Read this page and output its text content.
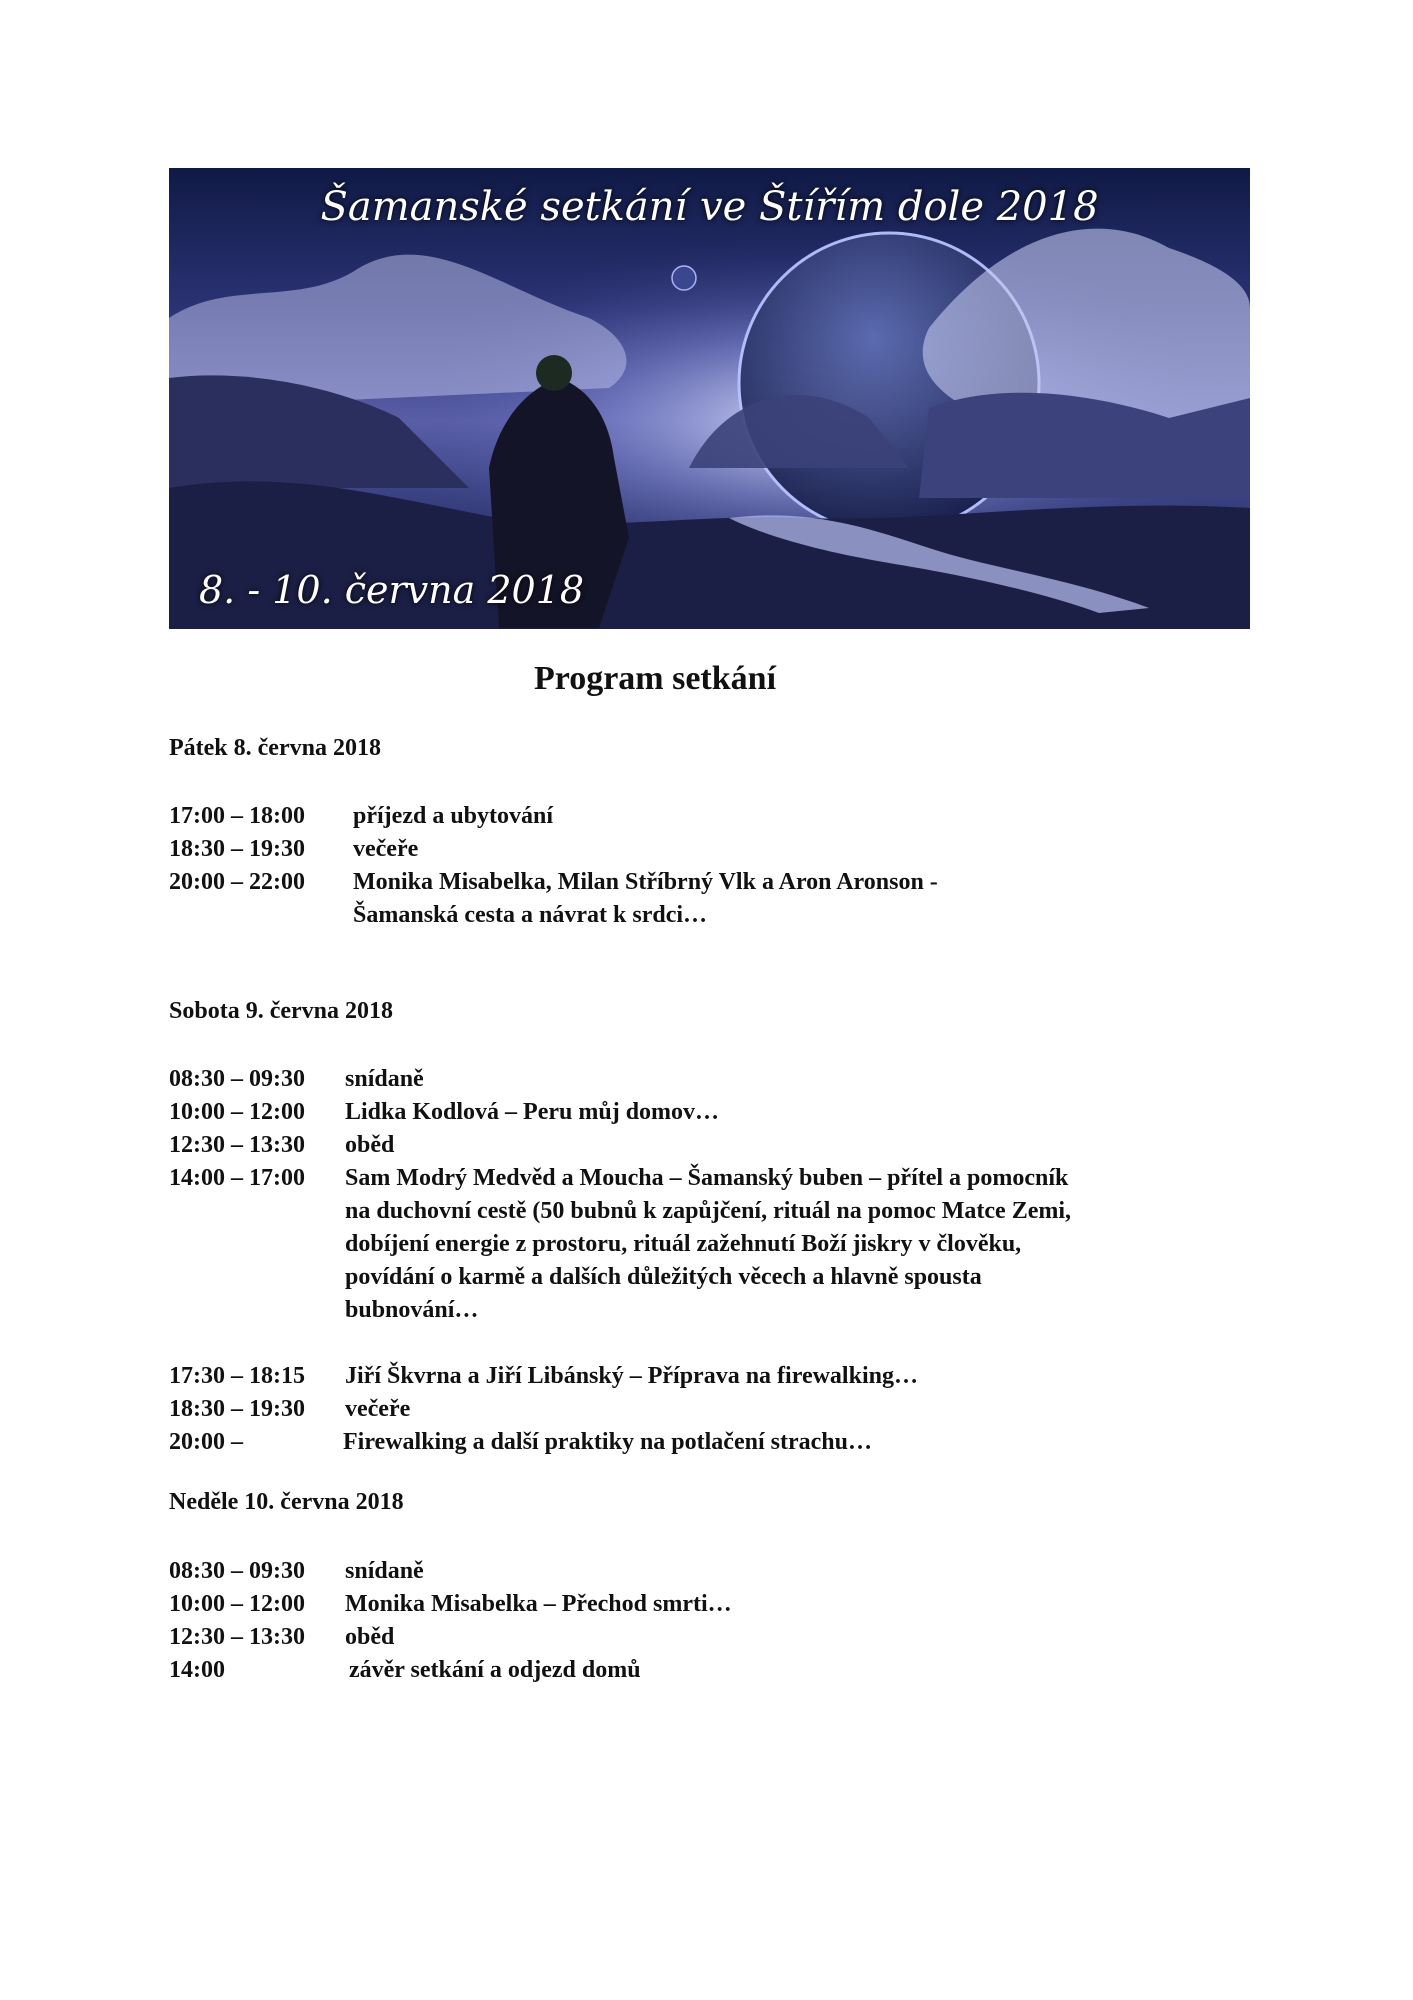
Šamanské setkání ve Štířím dole 2018
8. - 10. června 2018
Program setkání
Pátek 8. června 2018
17:00 – 18:00 příjezd a ubytování
18:30 – 19:30 večeře
20:00 – 22:00 Monika Misabelka, Milan Stříbrný Vlk a Aron Aronson -
Šamanská cesta a návrat k srdci…
Sobota 9. června 2018
08:30 – 09:30 snídaně
10:00 – 12:00 Lidka Kodlová – Peru můj domov…
12:30 – 13:30 oběd
14:00 – 17:00 Sam Modrý Medvěd a Moucha – Šamanský buben – přítel a pomocník
na duchovní cestě (50 bubnů k zapůjčení, rituál na pomoc Matce Zemi,
dobíjení energie z prostoru, rituál zažehnutí Boží jiskry v člověku,
povídání o karmě a dalších důležitých věcech a hlavně spousta
bubnování…
17:30 – 18:15 Jiří Škvrna a Jiří Libánský – Příprava na firewalking…
18:30 – 19:30 večeře
20:00 –	Firewalking a další praktiky na potlačení strachu…
Neděle 10. června 2018
08:30 – 09:30 snídaně
10:00 – 12:00 Monika Misabelka – Přechod smrti…
12:30 – 13:30 oběd
14:00	závěr setkání a odjezd domů
